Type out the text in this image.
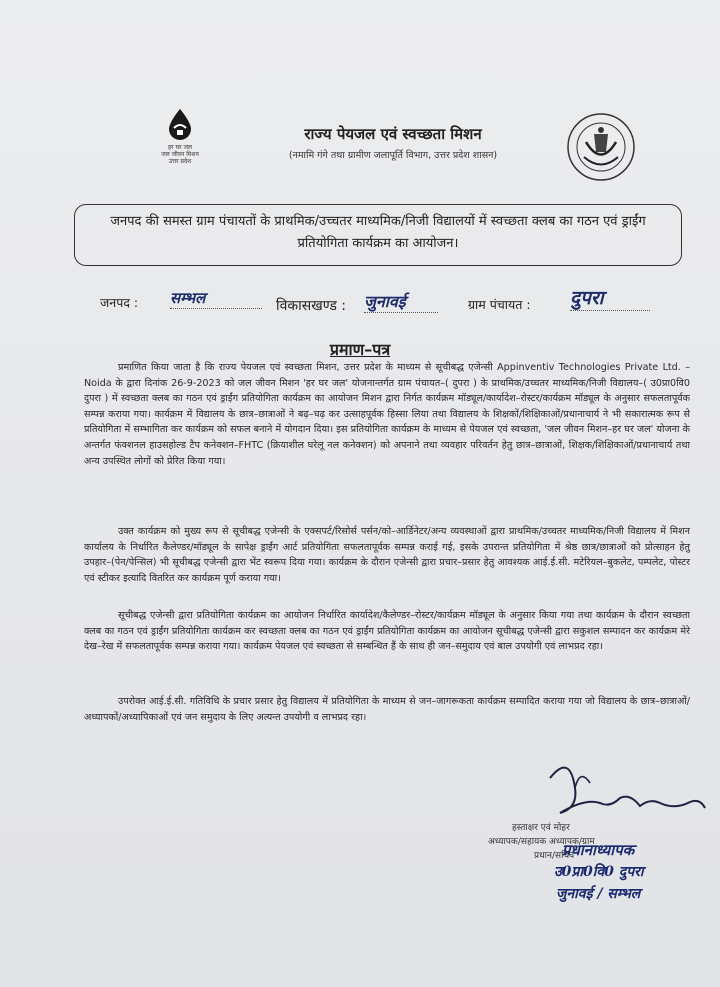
हर घर जल
जल जीवन मिशन
उत्तर प्रदेश
राज्य पेयजल एवं स्वच्छता मिशन
(नमामि गंगे तथा ग्रामीण जलापूर्ति विभाग, उत्तर प्रदेश शासन)
जनपद की समस्त ग्राम पंचायतों के प्राथमिक/उच्चतर माध्यमिक/निजी विद्यालयों में स्वच्छता क्लब का गठन एवं ड्राईंग प्रतियोगिता कार्यक्रम का आयोजन।
जनपद : सम्भल	विकासखण्ड : जुनावई	ग्राम पंचायत : दुपरा
प्रमाण–पत्र

प्रमाणित किया जाता है कि राज्य पेयजल एवं स्वच्छता मिशन, उत्तर प्रदेश के माध्यम से सूचीबद्ध एजेन्सी Appinventiv Technologies Private Ltd. – Noida के द्वारा दिनांक 26-9-2023 को जल जीवन मिशन 'हर घर जल' योजनान्तर्गत ग्राम पंचायत–( दुपरा ) के प्राथमिक/उच्चतर माध्यमिक/निजी विद्यालय–( उ0प्रा0वि0 दुपरा ) में स्वच्छता क्लब का गठन एवं ड्राईंग प्रतियोगिता कार्यक्रम का आयोजन मिशन द्वारा निर्गत कार्यक्रम मॉड्यूल/कार्यादेश–रोस्टर/कार्यक्रम मॉड्यूल के अनुसार सफलतापूर्वक सम्पन्न कराया गया। कार्यक्रम में विद्यालय के छात्र–छात्राओं ने बढ़–चढ़ कर उत्साहपूर्वक हिस्सा लिया तथा विद्यालय के शिक्षकों/शिक्षिकाओं/प्रधानाचार्य ने भी सकारात्मक रूप से प्रतियोगिता में सम्भागिता कर कार्यक्रम को सफल बनाने में योगदान दिया। इस प्रतियोगिता कार्यक्रम के माध्यम से पेयजल एवं स्वच्छता, 'जल जीवन मिशन–हर घर जल' योजना के अन्तर्गत फंक्शनल हाउसहोल्ड टैप कनेक्शन–FHTC (क्रियाशील घरेलू नल कनेक्शन) को अपनाने तथा व्यवहार परिवर्तन हेतु छात्र–छात्राओं, शिक्षक/शिक्षिकाओं/प्रधानाचार्य तथा अन्य उपस्थित लोगों को प्रेरित किया गया।

उक्त कार्यक्रम को मुख्य रूप से सूचीबद्ध एजेन्सी के एक्सपर्ट/रिसोर्स पर्सन/को–आर्डिनेटर/अन्य व्यवस्थाओं द्वारा प्राथमिक/उच्चतर माध्यमिक/निजी विद्यालय में मिशन कार्यालय के निर्धारित कैलेण्डर/मॉड्यूल के सापेक्ष ड्राईंग आर्ट प्रतियोगिता सफलतापूर्वक सम्पन्न कराई गई, इसके उपरान्त प्रतियोगिता में श्रेष्ठ छात्र/छात्राओं को प्रोत्साहन हेतु उपहार–(पेन/पेन्सिल) भी सूचीबद्ध एजेन्सी द्वारा भेंट स्वरूप दिया गया। कार्यक्रम के दौरान एजेन्सी द्वारा प्रचार–प्रसार हेतु आवश्यक आई.ई.सी. मटेरियल–बुकलेट, पम्पलेट, पोस्टर एवं स्टीकर इत्यादि वितरित कर कार्यक्रम पूर्ण कराया गया।

सूचीबद्ध एजेन्सी द्वारा प्रतियोगिता कार्यक्रम का आयोजन निर्धारित कार्यादेश/कैलेण्डर–रोस्टर/कार्यक्रम मॉड्यूल के अनुसार किया गया तथा कार्यक्रम के दौरान स्वच्छता क्लब का गठन एवं ड्राईंग प्रतियोगिता कार्यक्रम कर स्वच्छता क्लब का गठन एवं ड्राईंग प्रतियोगिता कार्यक्रम का आयोजन सूचीबद्ध एजेन्सी द्वारा सकुशल सम्पादन कर कार्यक्रम मेरे देख–रेख में सफलतापूर्वक सम्पन्न कराया गया। कार्यक्रम पेयजल एवं स्वच्छता से सम्बन्धित हैं के साथ ही जन–समुदाय एवं बाल उपयोगी एवं लाभप्रद रहा।

उपरोक्त आई.ई.सी. गतिविधि के प्रचार प्रसार हेतु विद्यालय में प्रतियोगिता के माध्यम से जन–जागरूकता कार्यक्रम सम्पादित कराया गया जो विद्यालय के छात्र–छात्राओं/अध्यापकों/अध्यापिकाओं एवं जन समुदाय के लिए अत्यन्त उपयोगी व लाभप्रद रहा।

हस्ताक्षर एवं मोहर
अध्यापक/सहायक अध्यापक/ग्राम
प्रधान/सचिव
प्रधानाध्यापक
उ0प्रा0वि0 दुपरा
जुनावई / सम्भल
